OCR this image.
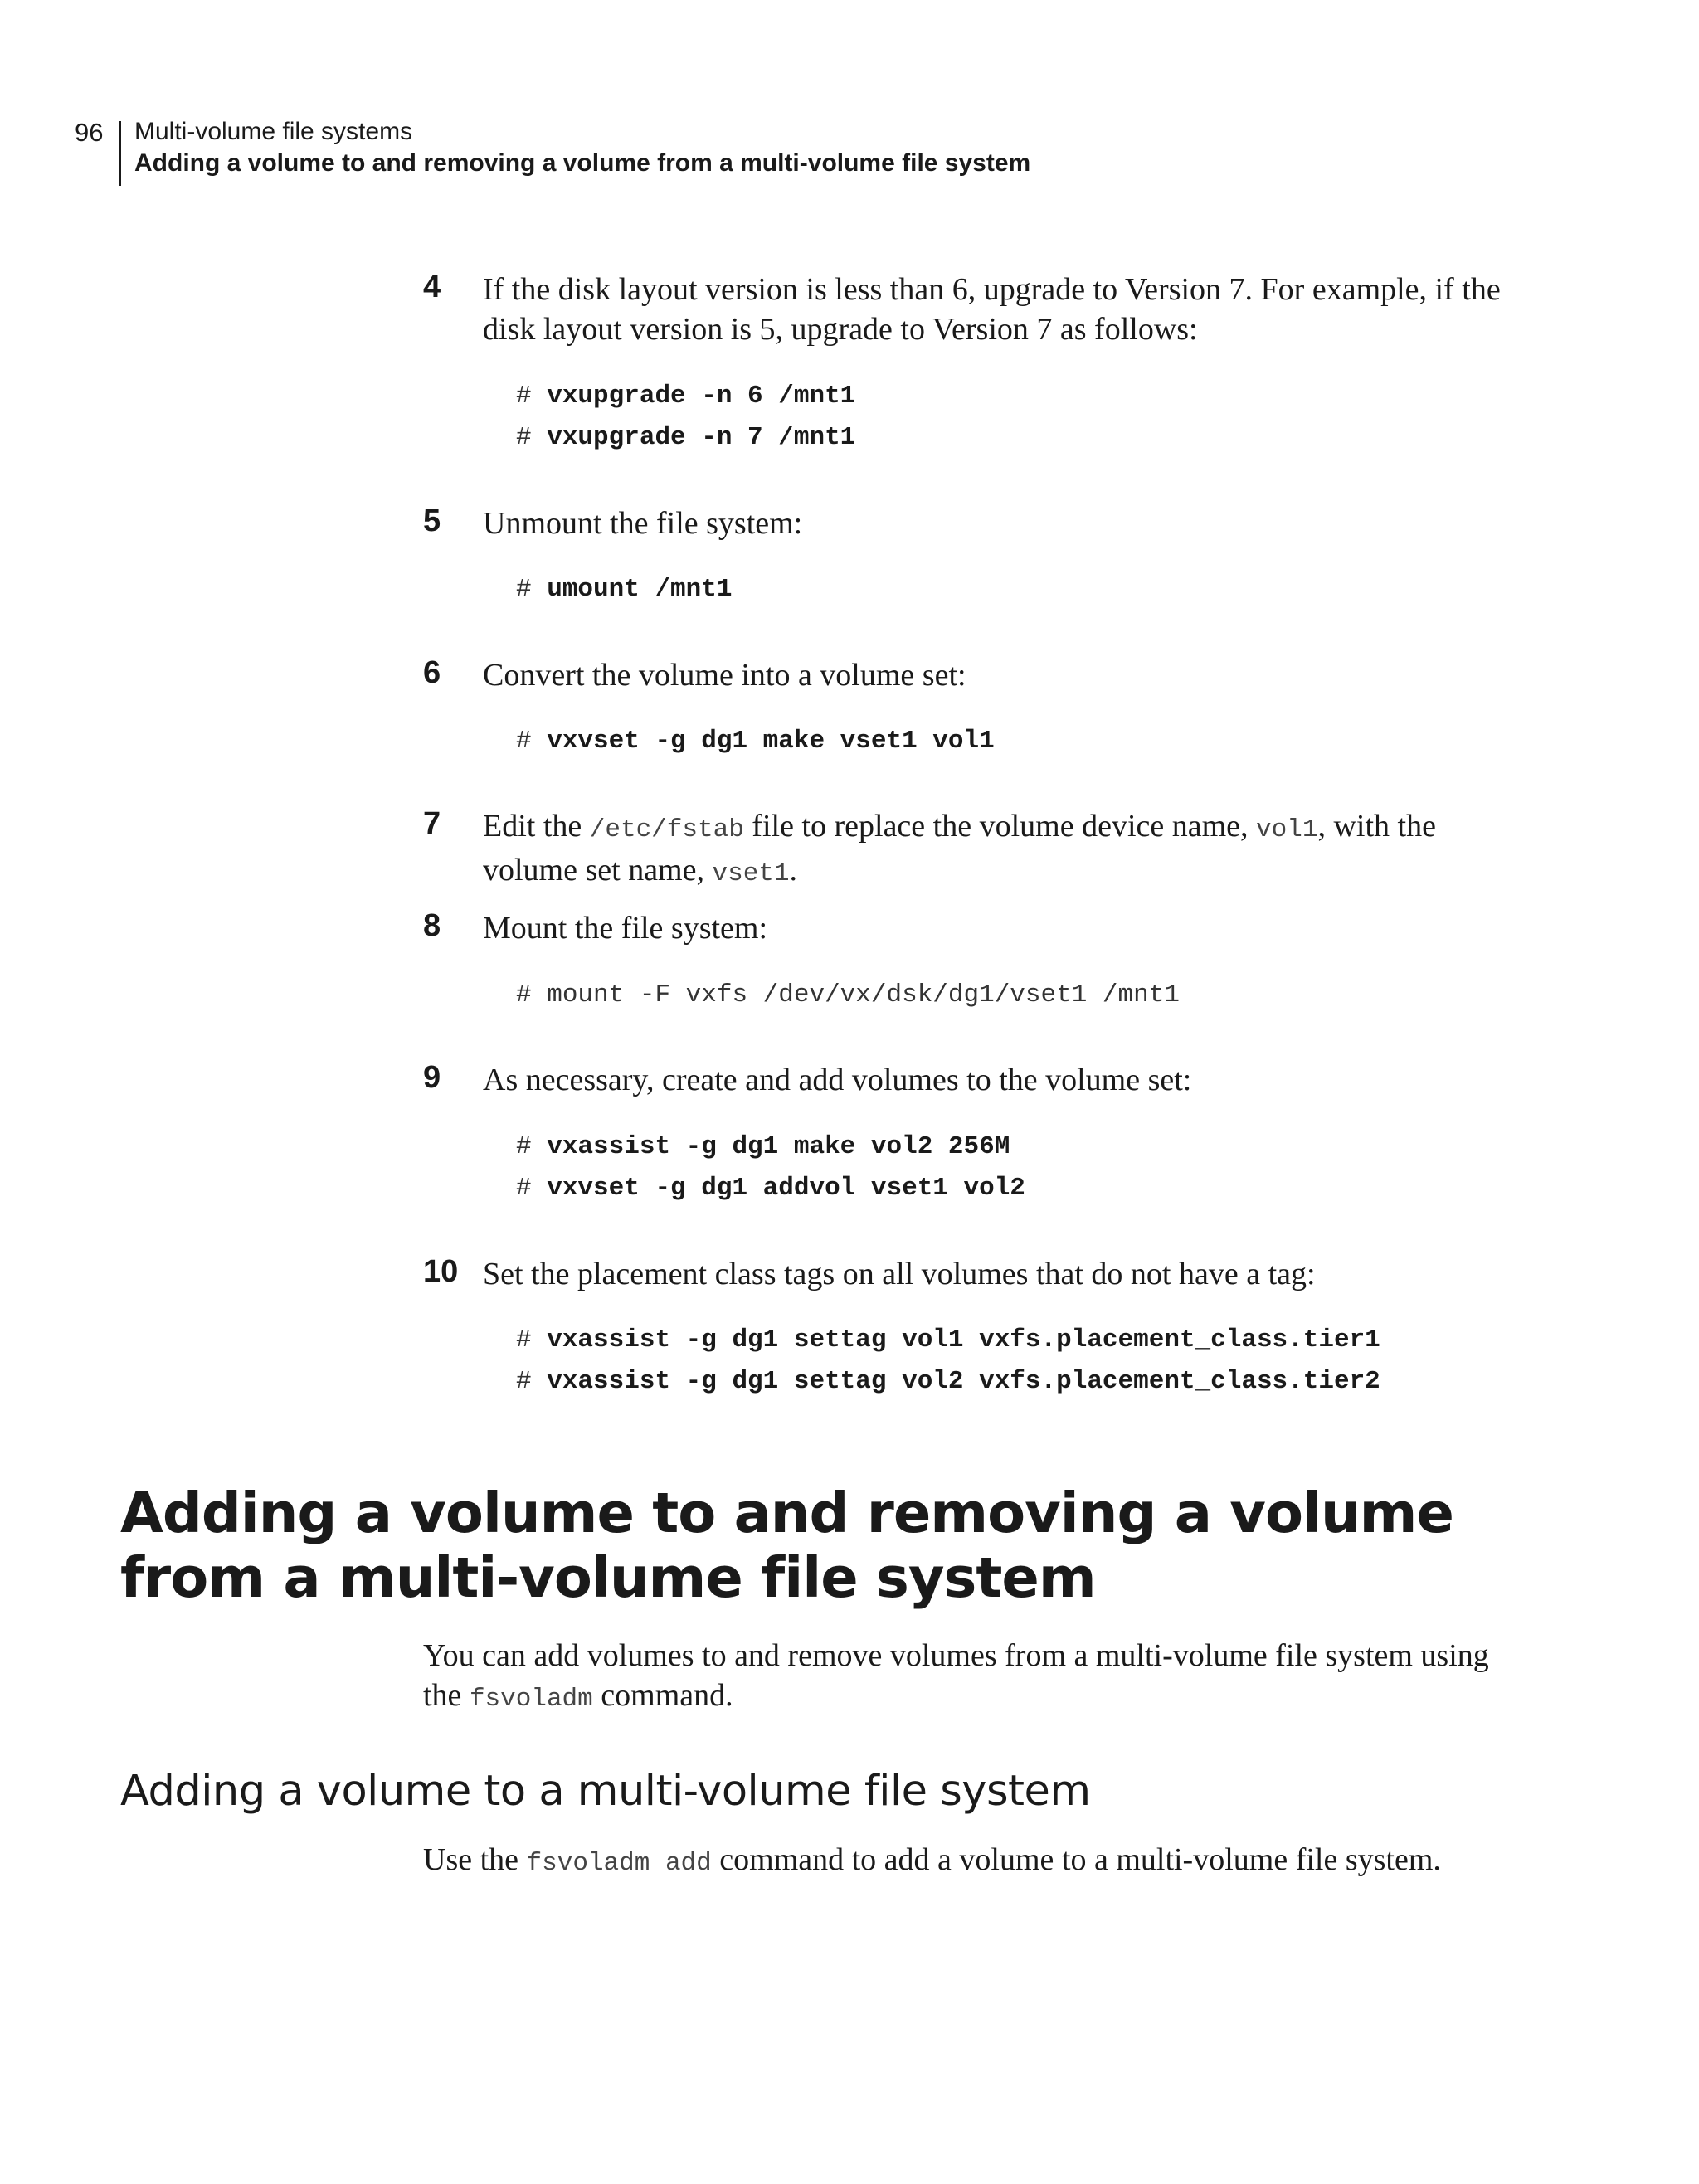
96 Multi-volume file systems
Adding a volume to and removing a volume from a multi-volume file system
4 If the disk layout version is less than 6, upgrade to Version 7. For example, if the disk layout version is 5, upgrade to Version 7 as follows:
# vxupgrade -n 6 /mnt1
# vxupgrade -n 7 /mnt1
5 Unmount the file system:
# umount /mnt1
6 Convert the volume into a volume set:
# vxvset -g dg1 make vset1 vol1
7 Edit the /etc/fstab file to replace the volume device name, vol1, with the volume set name, vset1.
8 Mount the file system:
# mount -F vxfs /dev/vx/dsk/dg1/vset1 /mnt1
9 As necessary, create and add volumes to the volume set:
# vxassist -g dg1 make vol2 256M
# vxvset -g dg1 addvol vset1 vol2
10 Set the placement class tags on all volumes that do not have a tag:
# vxassist -g dg1 settag vol1 vxfs.placement_class.tier1
# vxassist -g dg1 settag vol2 vxfs.placement_class.tier2
Adding a volume to and removing a volume from a multi-volume file system
You can add volumes to and remove volumes from a multi-volume file system using the fsvoladm command.
Adding a volume to a multi-volume file system
Use the fsvoladm add command to add a volume to a multi-volume file system.
